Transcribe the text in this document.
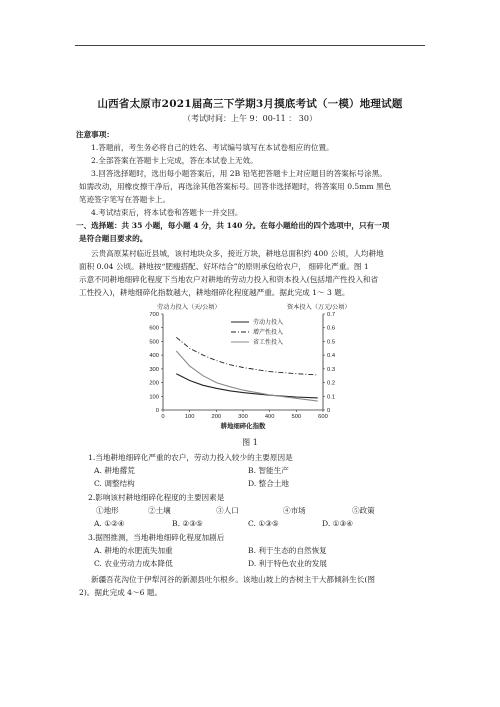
山西省太原市2021届高三下学期3月摸底考试（一模）地理试题
（考试时间：上午 9：00-11 ： 30）
注意事项：
1.答题前，考生务必将自己的姓名、考试编号填写在本试卷相应的位置。
2.全部答案在答题卡上完成，答在本试卷上无效。
3.回答选择题时，选出每小题答案后，用 2B 铅笔把答题卡上对应题目的答案标号涂黑。
如需改动，用橡皮擦干净后，再选涂其他答案标号。回答非选择题时，将答案用 0.5mm 黑色
笔迹签字笔写在答题卡上。
4.考试结束后，将本试卷和答题卡一并交回。
一、选择题：共 35 小题，每小题 4 分，共 140 分。在每小题给出的四个选项中，只有一项
是符合题目要求的。
云贵高原某村临近县城，该村地块众多，接近万块，耕地总面积约 400 公顷，人均耕地
面积 0.04 公顷。耕地按“肥瘦搭配、好坏结合”的原则承包给农户， 细碎化严重。图 1
示意不同耕地细碎化程度下当地农户对耕地的劳动力投入和资本投入(包括增产性投入和省
工性投入)，耕地细碎化指数越大，耕地细碎化程度越严重。据此完成 1～ 3 题。
劳动力投入（天/公顷）	资本投入（万元/公顷）
耕地细碎化指数
0
100
200
300
400
500
600
700
0
0.1
0.2
0.3
0.4
0.5
0.6
0.7
0	100	200	300	400	500	600
劳动力投入
增产性投入
省工性投入
图 1
1.当地耕地细碎化严重的农户，劳动力投入较少的主要原因是
A. 耕地撂荒	B. 智能生产
C. 调整结构	D. 整合土地
2.影响该村耕地细碎化程度的主要因素是
①地形	②土壤	③人口	④市场	⑤政策
A. ①②④	B. ②③⑤	C. ①③⑤	D. ①③④
3.据图推测，当地耕地细碎化程度加剧后
A. 耕地的水肥流失加重	B. 利于生态的自然恢复
C. 农业劳动力成本降低	D. 利于特色农业的发展
新疆吾花沟位于伊犁河谷的新源县吐尔根乡。该地山坡上的杏树主干大都倾斜生长(图
2)。据此完成 4～6 题。
